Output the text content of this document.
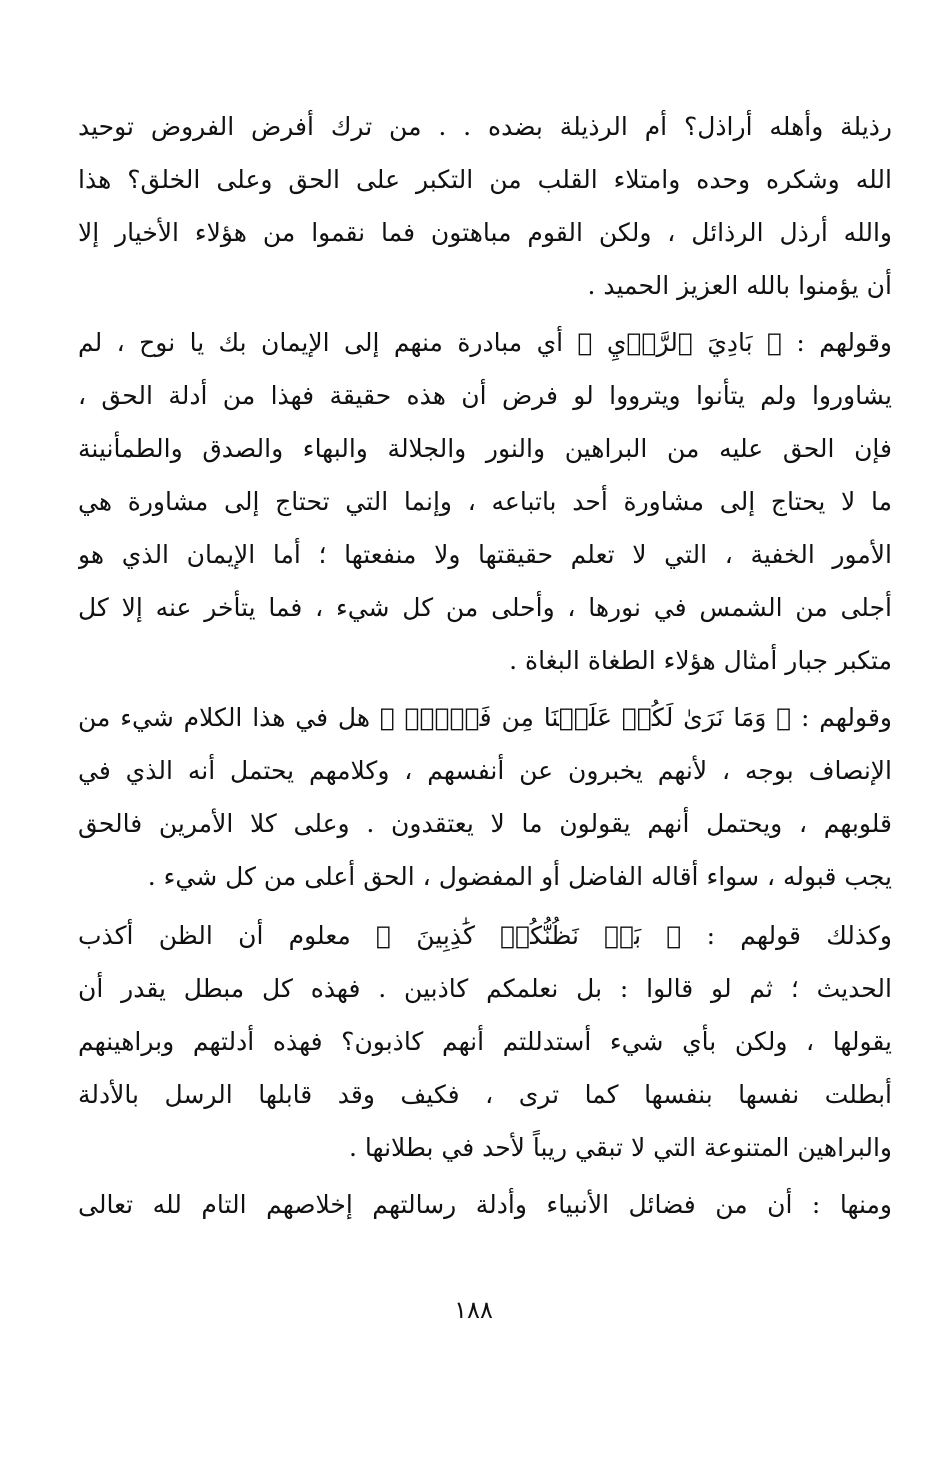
رذيلة وأهله أراذل؟ أم الرذيلة بضده . . من ترك أفرض الفروض توحيد
الله وشكره وحده وامتلاء القلب من التكبر على الحق وعلى الخلق؟ هذا
والله أرذل الرذائل ، ولكن القوم مباهتون فما نقموا من هؤلاء الأخيار إلا
أن يؤمنوا بالله العزيز الحميد .
وقولهم : ﴿ بَادِيَ ٱلرَّأۡيِ ﴾ أي مبادرة منهم إلى الإيمان بك يا نوح ، لم
يشاوروا ولم يتأنوا ويترووا لو فرض أن هذه حقيقة فهذا من أدلة الحق ،
فإن الحق عليه من البراهين والنور والجلالة والبهاء والصدق والطمأنينة
ما لا يحتاج إلى مشاورة أحد باتباعه ، وإنما التي تحتاج إلى مشاورة هي
الأمور الخفية ، التي لا تعلم حقيقتها ولا منفعتها ؛ أما الإيمان الذي هو
أجلى من الشمس في نورها ، وأحلى من كل شيء ، فما يتأخر عنه إلا كل
متكبر جبار أمثال هؤلاء الطغاة البغاة .
وقولهم : ﴿ وَمَا نَرَىٰ لَكُمۡ عَلَيۡنَا مِن فَضۡلِۭ ﴾ هل في هذا الكلام شيء من
الإنصاف بوجه ، لأنهم يخبرون عن أنفسهم ، وكلامهم يحتمل أنه الذي في
قلوبهم ، ويحتمل أنهم يقولون ما لا يعتقدون . وعلى كلا الأمرين فالحق
يجب قبوله ، سواء أقاله الفاضل أو المفضول ، الحق أعلى من كل شيء .
وكذلك قولهم : ﴿ بَلۡ نَظُنُّكُمۡ كَٰذِبِينَ ﴾ معلوم أن الظن أكذب
الحديث ؛ ثم لو قالوا : بل نعلمكم كاذبين . فهذه كل مبطل يقدر أن
يقولها ، ولكن بأي شيء أستدللتم أنهم كاذبون؟ فهذه أدلتهم وبراهينهم
أبطلت نفسها بنفسها كما ترى ، فكيف وقد قابلها الرسل بالأدلة
والبراهين المتنوعة التي لا تبقي ريباً لأحد في بطلانها .
ومنها : أن من فضائل الأنبياء وأدلة رسالتهم إخلاصهم التام لله تعالى
١٨٨
